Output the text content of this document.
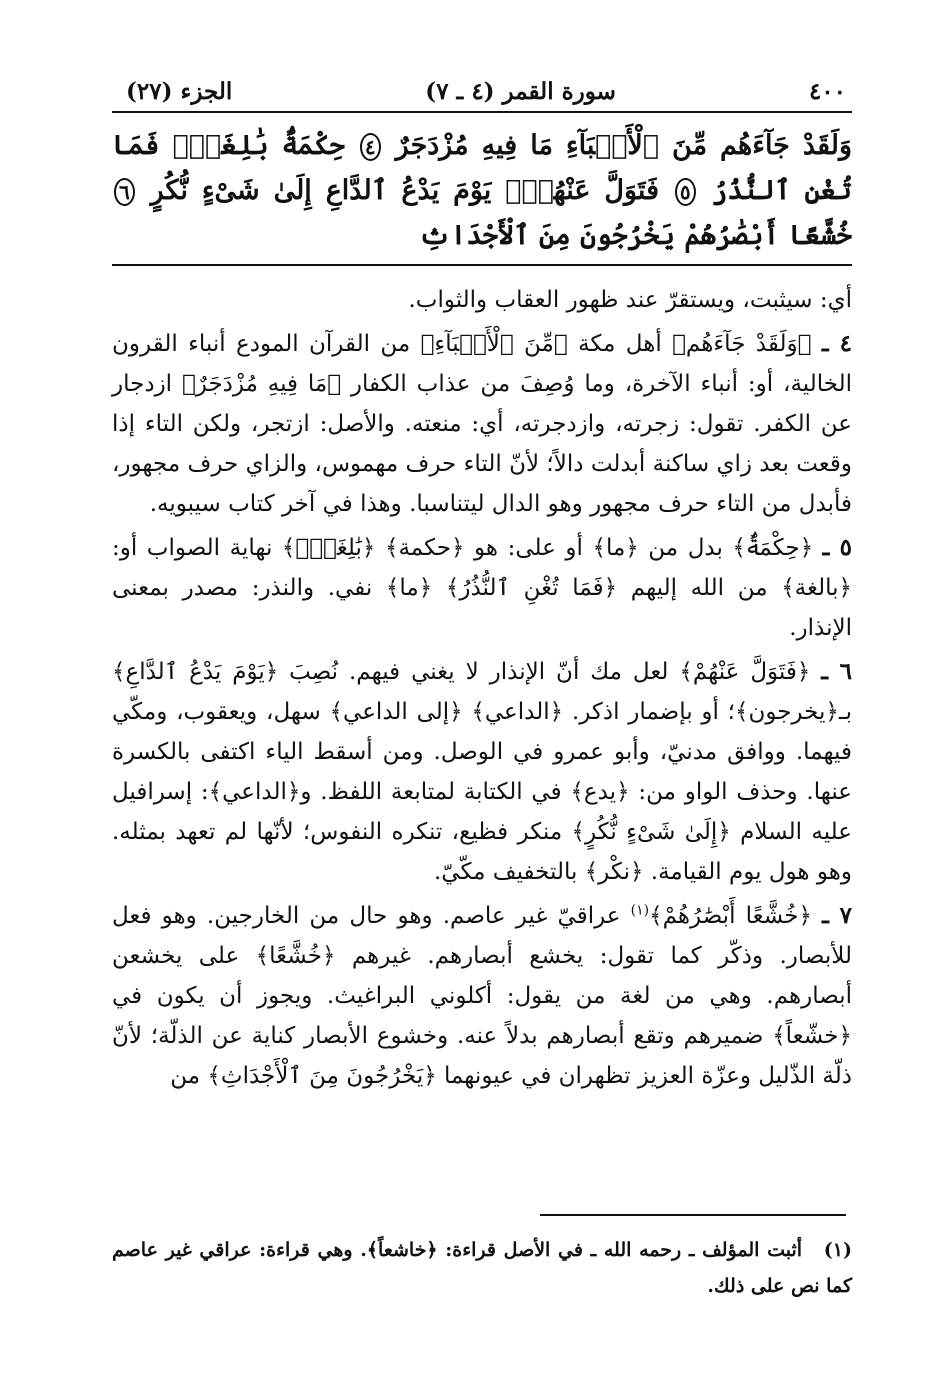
٤٠٠
سورة القمر (٤ ـ ٧)
الجزء (٢٧)
وَلَقَدْ جَآءَهُم مِّنَ ٱلْأَنۢبَآءِ مَا فِيهِ مُزْدَجَرٌ ٤ حِكْمَةٌۢ بَٰلِغَةٌۖ فَمَا تُغْنِ ٱلنُّذُرُ ٥ فَتَوَلَّ عَنْهُمْۘ يَوْمَ يَدْعُ ٱلدَّاعِ إِلَىٰ شَىْءٍ نُّكُرٍ ٦ خُشَّعًا أَبْصَٰرُهُمْ يَخْرُجُونَ مِنَ ٱلْأَجْدَاثِ

أي: سيثبت، ويستقرّ عند ظهور العقاب والثواب.

٤ ـ ﴿وَلَقَدْ جَآءَهُم﴾ أهل مكة ﴿مِّنَ ٱلْأَنۢبَآءِ﴾ من القرآن المودع أنباء القرون الخالية، أو: أنباء الآخرة، وما وُصِفَ من عذاب الكفار ﴿مَا فِيهِ مُزْدَجَرٌ﴾ ازدجار عن الكفر. تقول: زجرته، وازدجرته، أي: منعته. والأصل: ازتجر، ولكن التاء إذا وقعت بعد زاي ساكنة أبدلت دالاً؛ لأنّ التاء حرف مهموس، والزاي حرف مجهور، فأبدل من التاء حرف مجهور وهو الدال ليتناسبا. وهذا في آخر كتاب سيبويه.

٥ ـ ﴿حِكْمَةٌۢ﴾ بدل من ﴿ما﴾ أو على: هو ﴿حكمة﴾ ﴿بَٰلِغَةٌۖ﴾ نهاية الصواب أو: ﴿بالغة﴾ من الله إليهم ﴿فَمَا تُغْنِ ٱلنُّذُرُ﴾ ﴿ما﴾ نفي. والنذر: مصدر بمعنى الإنذار.

٦ ـ ﴿فَتَوَلَّ عَنْهُمْ﴾ لعل مك أنّ الإنذار لا يغني فيهم. نُصِبَ ﴿يَوْمَ يَدْعُ ٱلدَّاعِ﴾ بـ﴿يخرجون﴾؛ أو بإضمار اذكر. ﴿الداعي﴾ ﴿إلى الداعي﴾ سهل، ويعقوب، ومكّي فيهما. ووافق مدنيّ، وأبو عمرو في الوصل. ومن أسقط الياء اكتفى بالكسرة عنها. وحذف الواو من: ﴿يدع﴾ في الكتابة لمتابعة اللفظ. و﴿الداعي﴾: إسرافيل عليه السلام ﴿إِلَىٰ شَىْءٍ نُّكُرٍ﴾ منكر فظيع، تنكره النفوس؛ لأنّها لم تعهد بمثله. وهو هول يوم القيامة. ﴿نكْر﴾ بالتخفيف مكّيّ.

٧ ـ ﴿خُشَّعًا أَبْصَٰرُهُمْ﴾$^{(١)}$ عراقيّ غير عاصم. وهو حال من الخارجين. وهو فعل للأبصار. وذكّر كما تقول: يخشع أبصارهم. غيرهم ﴿خُشَّعًا﴾ على يخشعن أبصارهم. وهي من لغة من يقول: أكلوني البراغيث. ويجوز أن يكون في ﴿خشّعاً﴾ ضميرهم وتقع أبصارهم بدلاً عنه. وخشوع الأبصار كناية عن الذلّة؛ لأنّ ذلّة الذّليل وعزّة العزيز تظهران في عيونهما ﴿يَخْرُجُونَ مِنَ ٱلْأَجْدَاثِ﴾ من

(١) أثبت المؤلف ـ رحمه الله ـ في الأصل قراءة: ﴿خاشعاً﴾. وهي قراءة: عراقي غير عاصم كما نص على ذلك.
